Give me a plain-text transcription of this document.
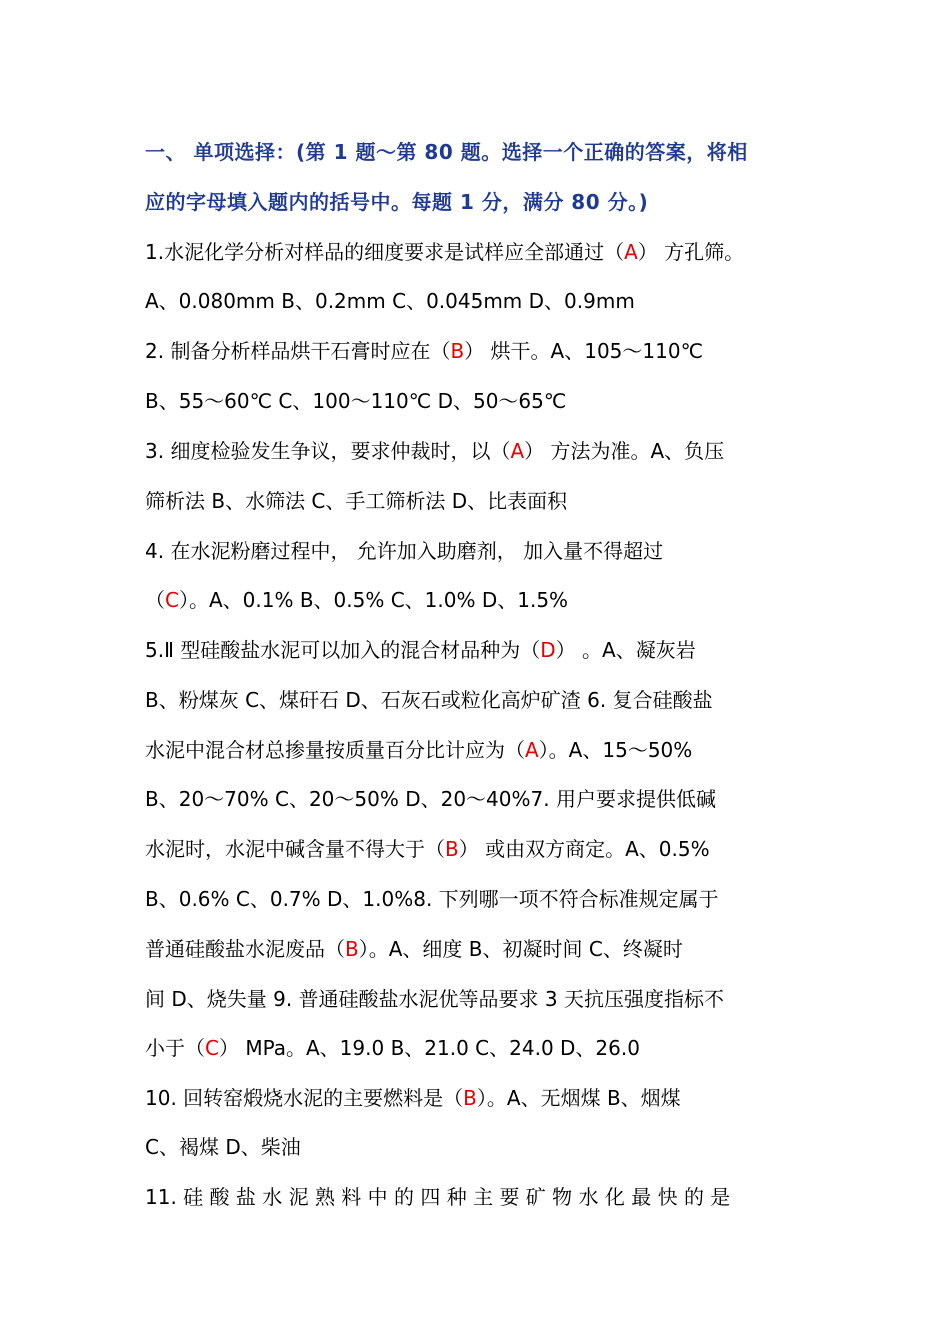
一、 单项选择：(第 1 题～第 80 题。选择一个正确的答案，将相
应的字母填入题内的括号中。每题 1 分，满分 80 分。)
1.水泥化学分析对样品的细度要求是试样应全部通过（A） 方孔筛。
A、0.080mm B、0.2mm C、0.045mm D、0.9mm
2. 制备分析样品烘干石膏时应在（B） 烘干。A、105～110℃
B、55～60℃ C、100～110℃ D、50～65℃
3. 细度检验发生争议，要求仲裁时，以（A） 方法为准。A、负压
筛析法 B、水筛法 C、手工筛析法 D、比表面积
4. 在水泥粉磨过程中， 允许加入助磨剂， 加入量不得超过
（C）。A、0.1% B、0.5% C、1.0% D、1.5%
5.Ⅱ 型硅酸盐水泥可以加入的混合材品种为（D） 。A、凝灰岩
B、粉煤灰 C、煤矸石 D、石灰石或粒化高炉矿渣 6. 复合硅酸盐
水泥中混合材总掺量按质量百分比计应为（A）。A、15～50%
B、20～70% C、20～50% D、20～40%7. 用户要求提供低碱
水泥时，水泥中碱含量不得大于（B） 或由双方商定。A、0.5%
B、0.6% C、0.7% D、1.0%8. 下列哪一项不符合标准规定属于
普通硅酸盐水泥废品（B）。A、细度 B、初凝时间 C、终凝时
间 D、烧失量 9. 普通硅酸盐水泥优等品要求 3 天抗压强度指标不
小于（C） MPa。A、19.0 B、21.0 C、24.0 D、26.0
10. 回转窑煅烧水泥的主要燃料是（B）。A、无烟煤 B、烟煤
C、褐煤 D、柴油
11. 硅 酸 盐 水 泥 熟 料 中 的 四 种 主 要 矿 物 水 化 最 快 的 是
